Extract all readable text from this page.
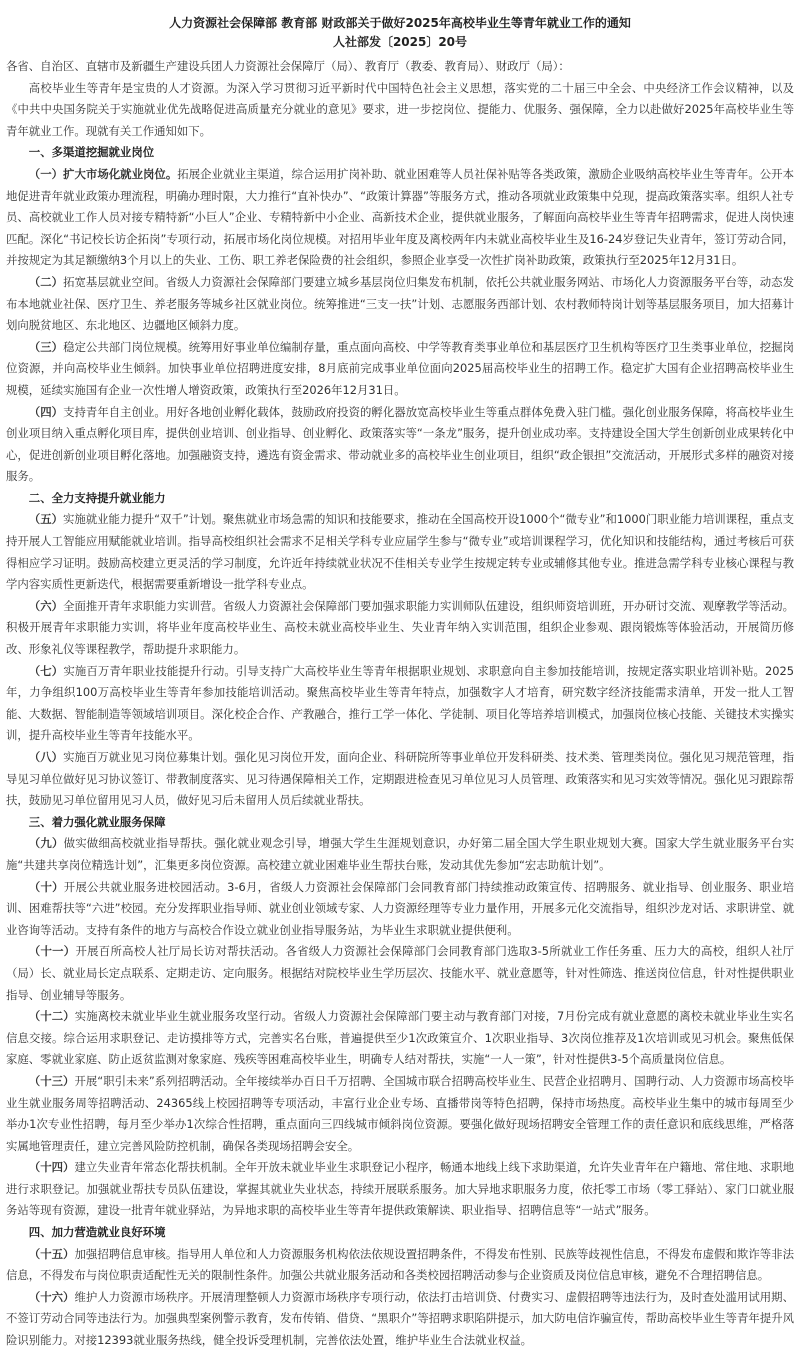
人力资源社会保障部 教育部 财政部关于做好2025年高校毕业生等青年就业工作的通知

人社部发〔2025〕20号

各省、自治区、直辖市及新疆生产建设兵团人力资源社会保障厅（局）、教育厅（教委、教育局）、财政厅（局）：

高校毕业生等青年是宝贵的人才资源。为深入学习贯彻习近平新时代中国特色社会主义思想，落实党的二十届三中全会、中央经济工作会议精神，以及《中共中央国务院关于实施就业优先战略促进高质量充分就业的意见》要求，进一步挖岗位、提能力、优服务、强保障，全力以赴做好2025年高校毕业生等青年就业工作。现就有关工作通知如下。

一、多渠道挖掘就业岗位

（一）扩大市场化就业岗位。拓展企业就业主渠道，综合运用扩岗补助、就业困难等人员社保补贴等各类政策，激励企业吸纳高校毕业生等青年。公开本地促进青年就业政策办理流程，明确办理时限，大力推行“直补快办”、“政策计算器”等服务方式，推动各项就业政策集中兑现，提高政策落实率。组织人社专员、高校就业工作人员对接专精特新“小巨人”企业、专精特新中小企业、高新技术企业，提供就业服务，了解面向高校毕业生等青年招聘需求，促进人岗快速匹配。深化“书记校长访企拓岗”专项行动，拓展市场化岗位规模。对招用毕业年度及离校两年内未就业高校毕业生及16-24岁登记失业青年，签订劳动合同，并按规定为其足额缴纳3个月以上的失业、工伤、职工养老保险费的社会组织，参照企业享受一次性扩岗补助政策，政策执行至2025年12月31日。

（二）拓宽基层就业空间。省级人力资源社会保障部门要建立城乡基层岗位归集发布机制，依托公共就业服务网站、市场化人力资源服务平台等，动态发布本地就业社保、医疗卫生、养老服务等城乡社区就业岗位。统筹推进“三支一扶”计划、志愿服务西部计划、农村教师特岗计划等基层服务项目，加大招募计划向脱贫地区、东北地区、边疆地区倾斜力度。

（三）稳定公共部门岗位规模。统筹用好事业单位编制存量，重点面向高校、中学等教育类事业单位和基层医疗卫生机构等医疗卫生类事业单位，挖掘岗位资源，并向高校毕业生倾斜。加快事业单位招聘进度安排，8月底前完成事业单位面向2025届高校毕业生的招聘工作。稳定扩大国有企业招聘高校毕业生规模，延续实施国有企业一次性增人增资政策，政策执行至2026年12月31日。

（四）支持青年自主创业。用好各地创业孵化载体，鼓励政府投资的孵化器放宽高校毕业生等重点群体免费入驻门槛。强化创业服务保障，将高校毕业生创业项目纳入重点孵化项目库，提供创业培训、创业指导、创业孵化、政策落实等“一条龙”服务，提升创业成功率。支持建设全国大学生创新创业成果转化中心，促进创新创业项目孵化落地。加强融资支持，遴选有资金需求、带动就业多的高校毕业生创业项目，组织“政企银担”交流活动，开展形式多样的融资对接服务。

二、全力支持提升就业能力

（五）实施就业能力提升“双千”计划。聚焦就业市场急需的知识和技能要求，推动在全国高校开设1000个“微专业”和1000门职业能力培训课程，重点支持开展人工智能应用赋能就业培训。指导高校组织社会需求不足相关学科专业应届学生参与“微专业”或培训课程学习，优化知识和技能结构，通过考核后可获得相应学习证明。鼓励高校建立更灵活的学习制度，允许近年持续就业状况不佳相关专业学生按规定转专业或辅修其他专业。推进急需学科专业核心课程与教学内容实质性更新迭代，根据需要重新增设一批学科专业点。

（六）全面推开青年求职能力实训营。省级人力资源社会保障部门要加强求职能力实训师队伍建设，组织师资培训班，开办研讨交流、观摩教学等活动。积极开展青年求职能力实训，将毕业年度高校毕业生、高校未就业高校毕业生、失业青年纳入实训范围，组织企业参观、跟岗锻炼等体验活动，开展简历修改、形象礼仪等课程教学，帮助提升求职能力。

（七）实施百万青年职业技能提升行动。引导支持广大高校毕业生等青年根据职业规划、求职意向自主参加技能培训，按规定落实职业培训补贴。2025年，力争组织100万高校毕业生等青年参加技能培训活动。聚焦高校毕业生等青年特点，加强数字人才培育，研究数字经济技能需求清单，开发一批人工智能、大数据、智能制造等领域培训项目。深化校企合作、产教融合，推行工学一体化、学徒制、项目化等培养培训模式，加强岗位核心技能、关键技术实操实训，提升高校毕业生等青年技能水平。

（八）实施百万就业见习岗位募集计划。强化见习岗位开发，面向企业、科研院所等事业单位开发科研类、技术类、管理类岗位。强化见习规范管理，指导见习单位做好见习协议签订、带教制度落实、见习待遇保障相关工作，定期跟进检查见习单位见习人员管理、政策落实和见习实效等情况。强化见习跟踪帮扶，鼓励见习单位留用见习人员，做好见习后未留用人员后续就业帮扶。

三、着力强化就业服务保障

（九）做实做细高校就业指导帮扶。强化就业观念引导，增强大学生生涯规划意识，办好第二届全国大学生职业规划大赛。国家大学生就业服务平台实施“共建共享岗位精选计划”，汇集更多岗位资源。高校建立就业困难毕业生帮扶台账，发动其优先参加“宏志助航计划”。

（十）开展公共就业服务进校园活动。3-6月，省级人力资源社会保障部门会同教育部门持续推动政策宣传、招聘服务、就业指导、创业服务、职业培训、困难帮扶等“六进”校园。充分发挥职业指导师、就业创业领域专家、人力资源经理等专业力量作用，开展多元化交流指导，组织沙龙对话、求职讲堂、就业咨询等活动。支持有条件的地方与高校合作设立就业创业指导服务站，为毕业生求职就业提供便利。

（十一）开展百所高校人社厅局长访对帮扶活动。各省级人力资源社会保障部门会同教育部门选取3-5所就业工作任务重、压力大的高校，组织人社厅（局）长、就业局长定点联系、定期走访、定向服务。根据结对院校毕业生学历层次、技能水平、就业意愿等，针对性筛选、推送岗位信息，针对性提供职业指导、创业辅导等服务。

（十二）实施离校未就业毕业生就业服务攻坚行动。省级人力资源社会保障部门要主动与教育部门对接，7月份完成有就业意愿的离校未就业毕业生实名信息交接。综合运用求职登记、走访摸排等方式，完善实名台账，普遍提供至少1次政策宣介、1次职业指导、3次岗位推荐及1次培训或见习机会。聚焦低保家庭、零就业家庭、防止返贫监测对象家庭、残疾等困难高校毕业生，明确专人结对帮扶，实施“一人一策”，针对性提供3-5个高质量岗位信息。

（十三）开展“职引未来”系列招聘活动。全年接续举办百日千万招聘、全国城市联合招聘高校毕业生、民营企业招聘月、国聘行动、人力资源市场高校毕业生就业服务周等招聘活动、24365线上校园招聘等专项活动，丰富行业企业专场、直播带岗等特色招聘，保持市场热度。高校毕业生集中的城市每周至少举办1次专业性招聘，每月至少举办1次综合性招聘，重点面向三四线城市倾斜岗位资源。要强化做好现场招聘安全管理工作的责任意识和底线思维，严格落实属地管理责任，建立完善风险防控机制，确保各类现场招聘会安全。

（十四）建立失业青年常态化帮扶机制。全年开放未就业毕业生求职登记小程序，畅通本地线上线下求助渠道，允许失业青年在户籍地、常住地、求职地进行求职登记。加强就业帮扶专员队伍建设，掌握其就业失业状态，持续开展联系服务。加大异地求职服务力度，依托零工市场（零工驿站）、家门口就业服务站等现有资源，建设一批青年就业驿站，为异地求职的高校毕业生等青年提供政策解读、职业指导、招聘信息等“一站式”服务。

四、加力营造就业良好环境

（十五）加强招聘信息审核。指导用人单位和人力资源服务机构依法依规设置招聘条件，不得发布性别、民族等歧视性信息，不得发布虚假和欺诈等非法信息，不得发布与岗位职责适配性无关的限制性条件。加强公共就业服务活动和各类校园招聘活动参与企业资质及岗位信息审核，避免不合理招聘信息。

（十六）维护人力资源市场秩序。开展清理整顿人力资源市场秩序专项行动，依法打击培训贷、付费实习、虚假招聘等违法行为，及时查处滥用试用期、不签订劳动合同等违法行为。加强典型案例警示教育，发布传销、借贷、“黑职介”等招聘求职陷阱提示，加大防电信诈骗宣传，帮助高校毕业生等青年提升风险识别能力。对接12393就业服务热线，健全投诉受理机制，完善依法处置，维护毕业生合法就业权益。
